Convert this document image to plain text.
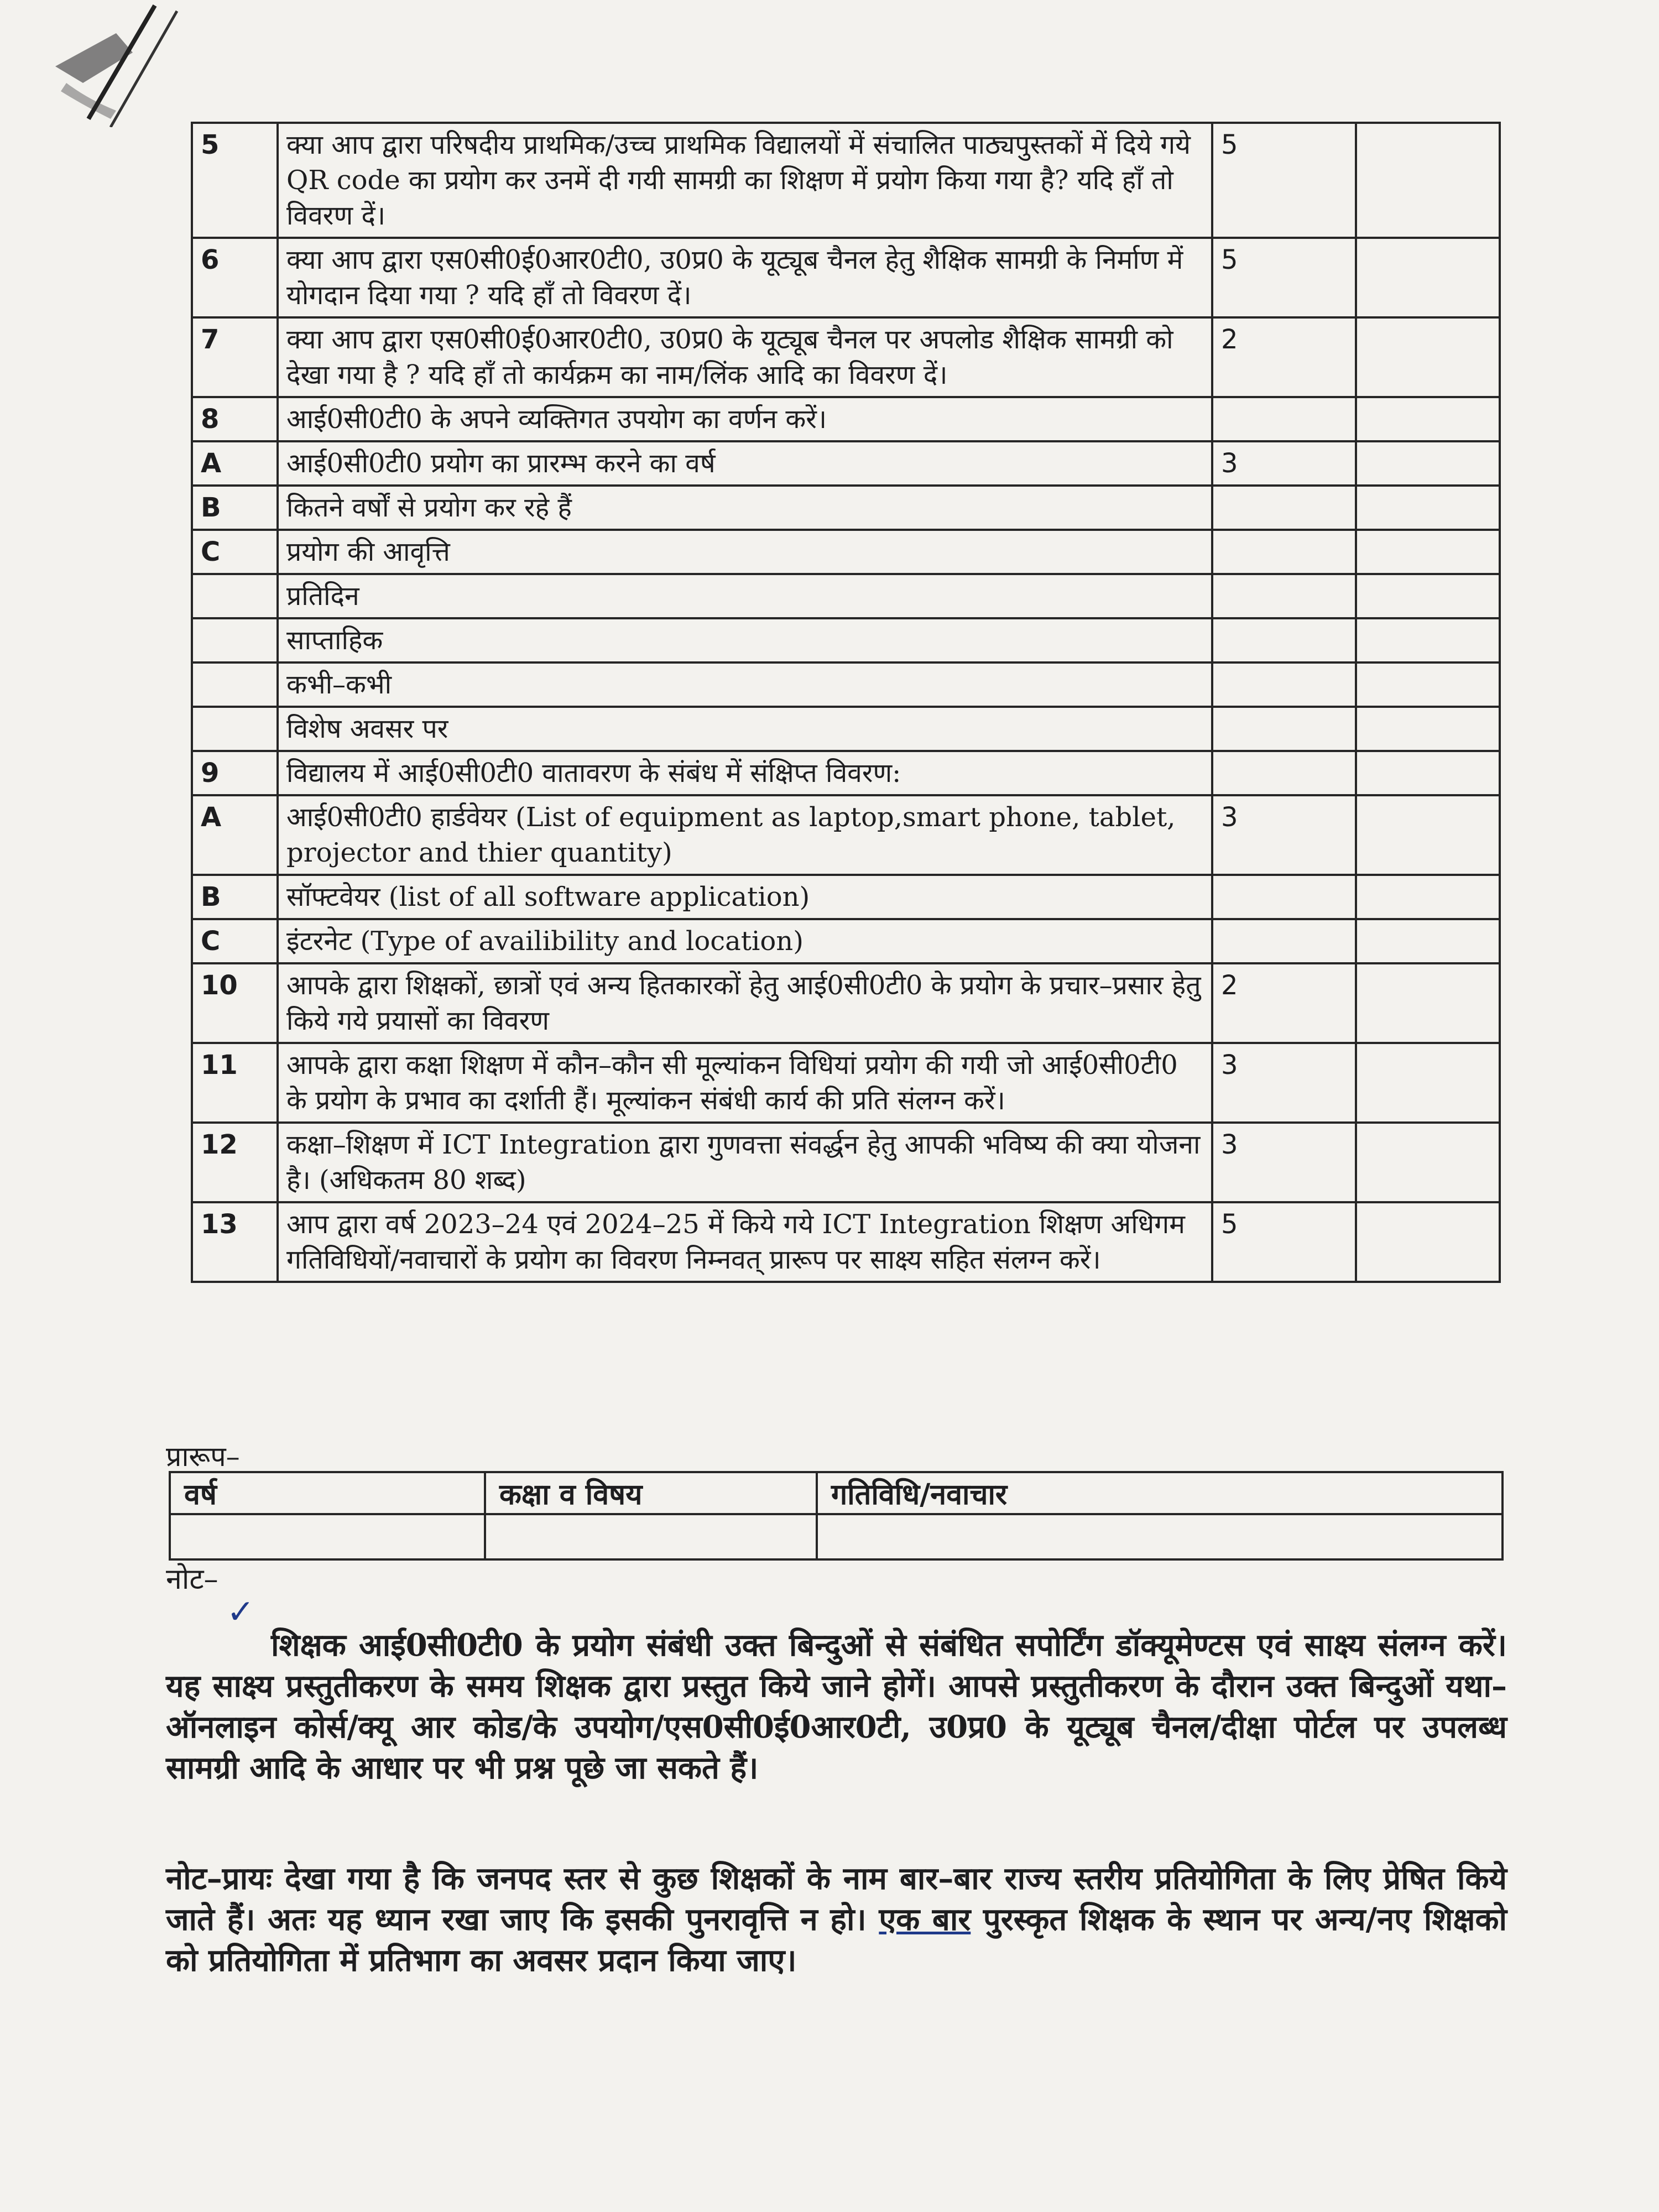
5	क्या आप द्वारा परिषदीय प्राथमिक/उच्च प्राथमिक विद्यालयों में संचालित पाठ्यपुस्तकों में दिये गये QR code का प्रयोग कर उनमें दी गयी सामग्री का शिक्षण में प्रयोग किया गया है? यदि हाँ तो विवरण दें।	5	
6	क्या आप द्वारा एस0सी0ई0आर0टी0, उ0प्र0 के यूट्यूब चैनल हेतु शैक्षिक सामग्री के निर्माण में योगदान दिया गया ? यदि हाँ तो विवरण दें।	5	
7	क्या आप द्वारा एस0सी0ई0आर0टी0, उ0प्र0 के यूट्यूब चैनल पर अपलोड शैक्षिक सामग्री को देखा गया है ? यदि हाँ तो कार्यक्रम का नाम/लिंक आदि का विवरण दें।	2	
8	आई0सी0टी0 के अपने व्यक्तिगत उपयोग का वर्णन करें।		
A	आई0सी0टी0 प्रयोग का प्रारम्भ करने का वर्ष	3	
B	कितने वर्षों से प्रयोग कर रहे हैं		
C	प्रयोग की आवृत्ति		
	प्रतिदिन		
	साप्ताहिक		
	कभी–कभी		
	विशेष अवसर पर		
9	विद्यालय में आई0सी0टी0 वातावरण के संबंध में संक्षिप्त विवरण:		
A	आई0सी0टी0 हार्डवेयर (List of equipment as laptop,smart phone, tablet, projector and thier quantity)	3	
B	सॉफ्टवेयर (list of all software application)		
C	इंटरनेट (Type of availibility and location)		
10	आपके द्वारा शिक्षकों, छात्रों एवं अन्य हितकारकों हेतु आई0सी0टी0 के प्रयोग के प्रचार–प्रसार हेतु किये गये प्रयासों का विवरण	2	
11	आपके द्वारा कक्षा शिक्षण में कौन–कौन सी मूल्यांकन विधियां प्रयोग की गयी जो आई0सी0टी0 के प्रयोग के प्रभाव का दर्शाती हैं। मूल्यांकन संबंधी कार्य की प्रति संलग्न करें।	3	
12	कक्षा–शिक्षण में ICT Integration द्वारा गुणवत्ता संवर्द्धन हेतु आपकी भविष्य की क्या योजना है। (अधिकतम 80 शब्द)	3	
13	आप द्वारा वर्ष 2023–24 एवं 2024–25 में किये गये ICT Integration शिक्षण अधिगम गतिविधियों/नवाचारों के प्रयोग का विवरण निम्नवत् प्रारूप पर साक्ष्य सहित संलग्न करें।	5	
प्रारूप–
वर्ष	कक्षा व विषय	गतिविधि/नवाचार

नोट–
✓
शिक्षक आई0सी0टी0 के प्रयोग संबंधी उक्त बिन्दुओं से संबंधित सपोर्टिंग डॉक्यूमेण्टस एवं साक्ष्य संलग्न करें। यह साक्ष्य प्रस्तुतीकरण के समय शिक्षक द्वारा प्रस्तुत किये जाने होगें। आपसे प्रस्तुतीकरण के दौरान उक्त बिन्दुओं यथा–ऑनलाइन कोर्स/क्यू आर कोड/के उपयोग/एस0सी0ई0आर0टी, उ0प्र0 के यूट्यूब चैनल/दीक्षा पोर्टल पर उपलब्ध सामग्री आदि के आधार पर भी प्रश्न पूछे जा सकते हैं।
नोट–प्रायः देखा गया है कि जनपद स्तर से कुछ शिक्षकों के नाम बार–बार राज्य स्तरीय प्रतियोगिता के लिए प्रेषित किये जाते हैं। अतः यह ध्यान रखा जाए कि इसकी पुनरावृत्ति न हो। एक बार पुरस्कृत शिक्षक के स्थान पर अन्य/नए शिक्षको को प्रतियोगिता में प्रतिभाग का अवसर प्रदान किया जाए।
